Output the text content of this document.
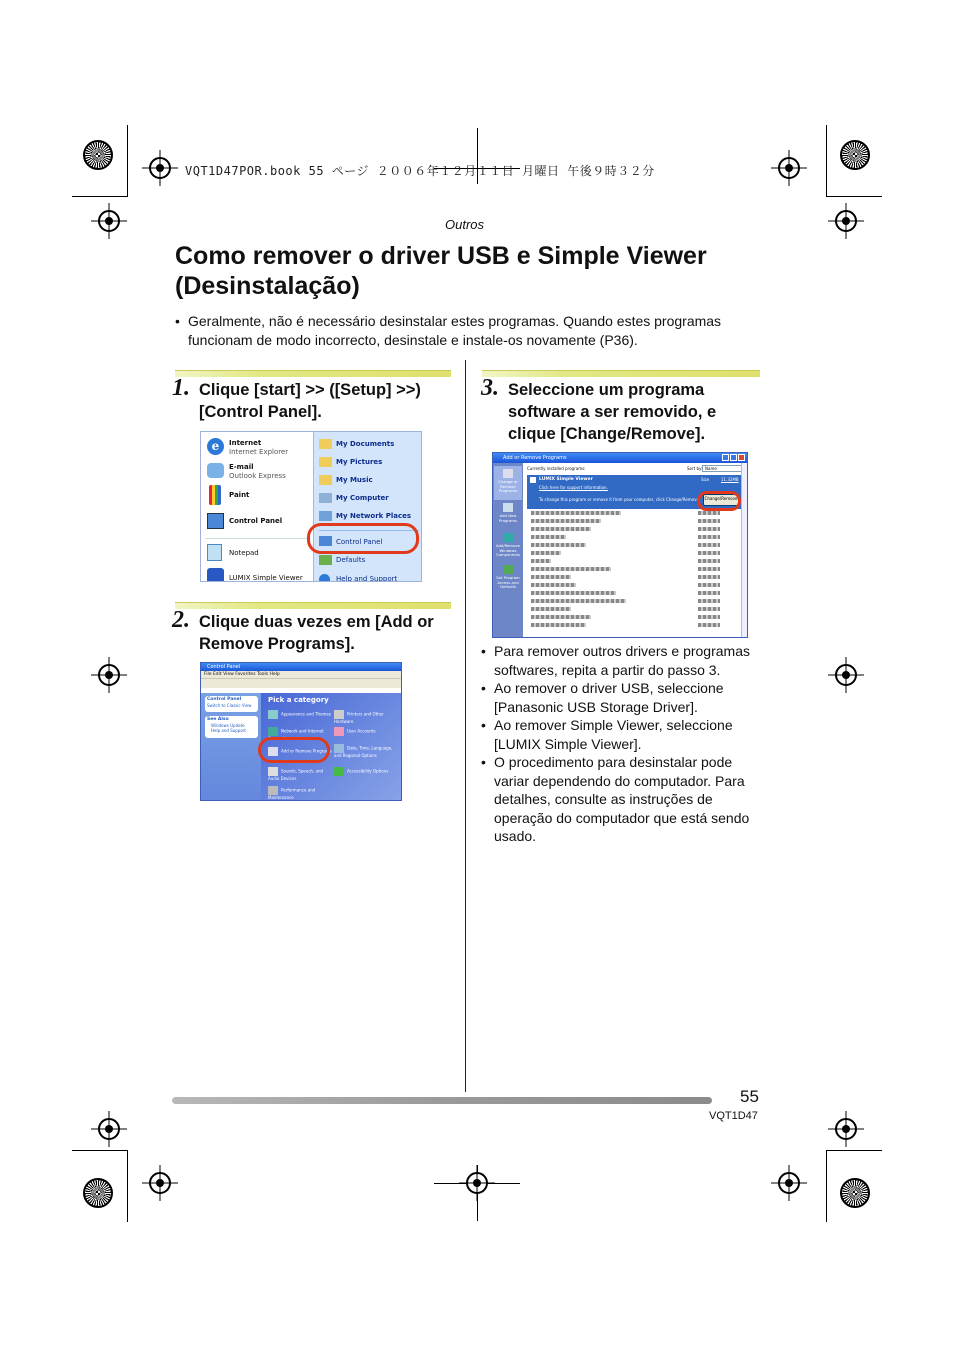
VQT1D47POR.book 55 ページ ２００６年１２月１１日 月曜日 午後９時３２分
Outros
Como remover o driver USB e Simple Viewer (Desinstalação)
• Geralmente, não é necessário desinstalar estes programas. Quando estes programas funcionam de modo incorrecto, desinstale e instale-os novamente (P36).
1. Clique [start] >> ([Setup] >>) [Control Panel].
e	Internet
Internet Explorer
E-mail
Outlook Express
Paint
Control Panel
Notepad
LUMIX Simple Viewer
My Documents
My Pictures
My Music
My Computer
My Network Places
Control Panel
Defaults
Help and Support
2. Clique duas vezes em [Add or Remove Programs].
Control Panel
File Edit View Favorites Tools Help
Control Panel
Switch to Classic View
See Also
Windows Update
Help and Support
Pick a category
Appearance and Themes	Printers and Other Hardware
Network and Internet Connections
User Accounts
Add or Remove Programs
Date, Time, Language, and Regional Options
Sounds, Speech, and Audio Devices
Accessibility Options
Performance and Maintenance
3. Seleccione um programa software a ser removido, e clique [Change/Remove].
Add or Remove Programs
Change or Remove Programs
Add New Programs
Add/Remove Windows Components
Set Program Access and Defaults
Currently installed programs:	Sort by: Name
LUMIX Simple Viewer	Size	11.32MB
Click here for support information.
To change this program or remove it from your computer, click Change/Remove.	Change/Remove
• Para remover outros drivers e programas softwares, repita a partir do passo 3.
• Ao remover o driver USB, seleccione [Panasonic USB Storage Driver].
• Ao remover Simple Viewer, seleccione [LUMIX Simple Viewer].
• O procedimento para desinstalar pode variar dependendo do computador. Para detalhes, consulte as instruções de operação do computador que está sendo usado.
55
VQT1D47
